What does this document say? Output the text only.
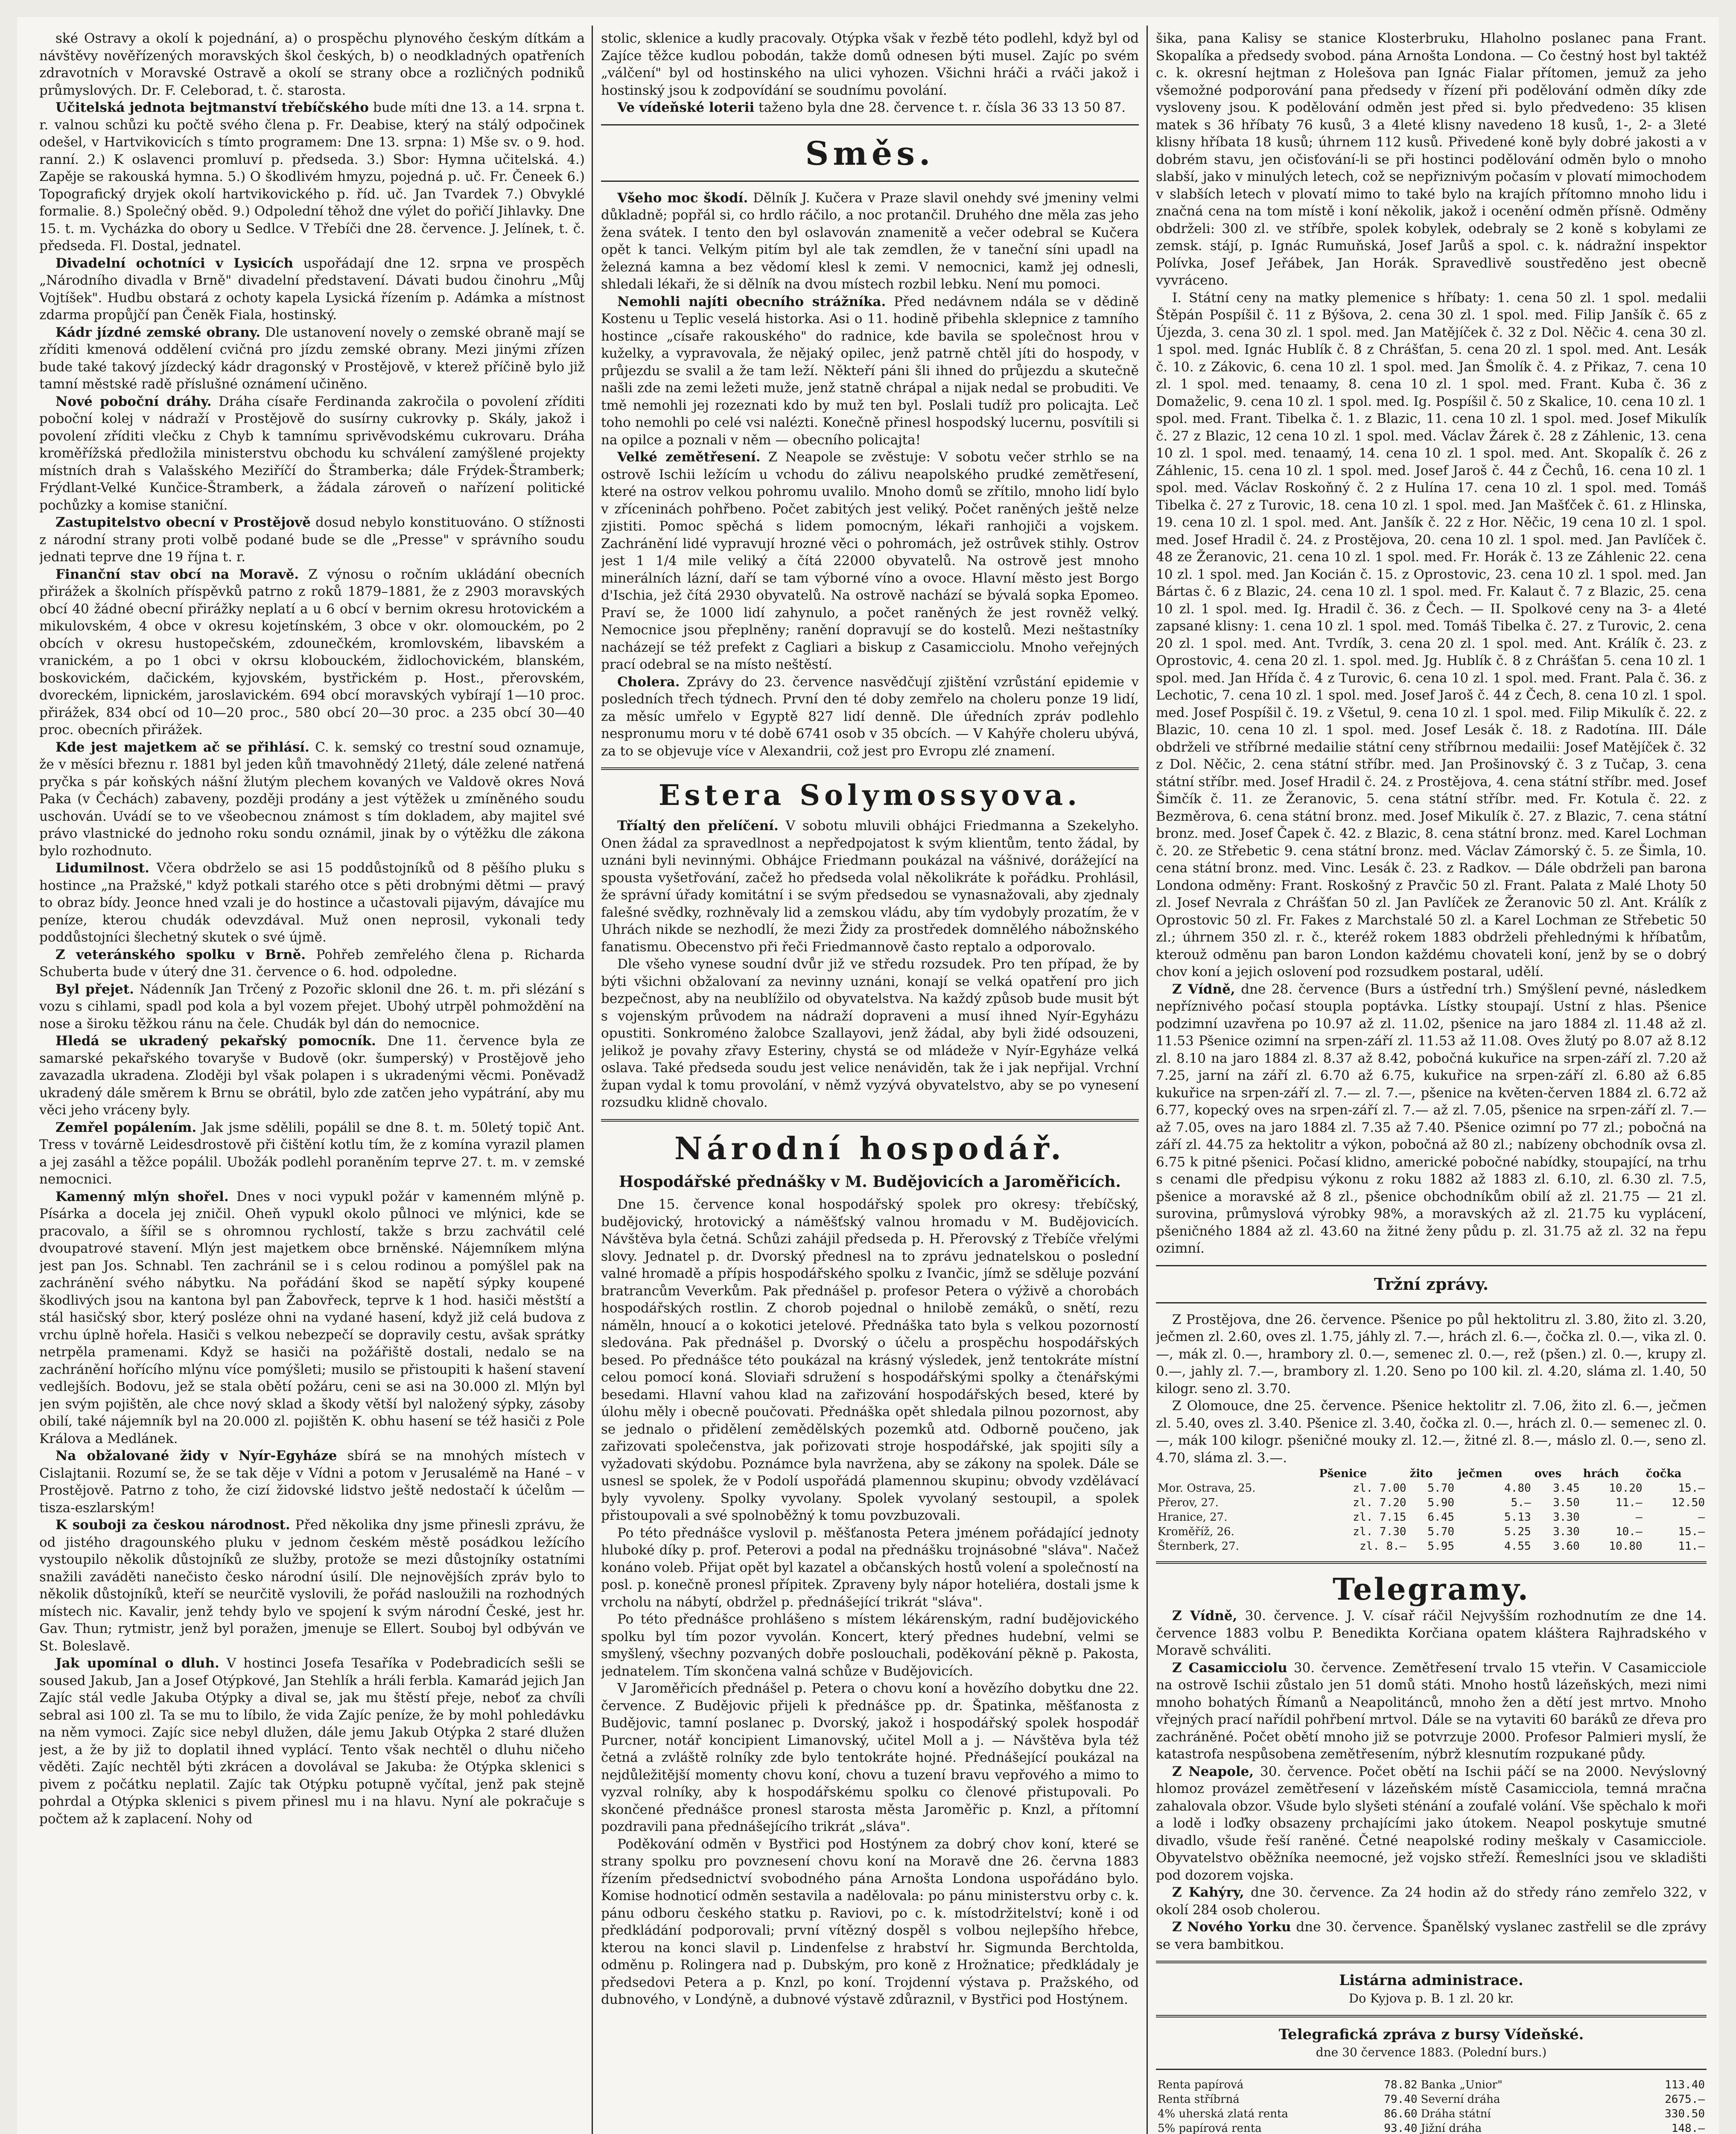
ské Ostravy a okolí k pojednání, a) o prospěchu plynového českým dítkám a návštěvy nověřízených moravských škol českých, b) o neodkladných opatřeních zdravotních v Moravské Ostravě a okolí se strany obce a rozličných podniků průmyslových. Dr. F. Celeborad, t. č. starosta.

Učitelská jednota bejtmanství třebíčského bude míti dne 13. a 14. srpna t. r. valnou schůzi ku počtě svého člena p. Fr. Deabise, který na stálý odpočinek odešel, v Hartvikovicích s tímto programem: Dne 13. srpna: 1) Mše sv. o 9. hod. ranní. 2.) K oslavenci promluví p. předseda. 3.) Sbor: Hymna učitelská. 4.) Zapěje se rakouská hymna. 5.) O škodlivém hmyzu, pojedná p. uč. Fr. Čeneek 6.) Topografický dryjek okolí hartvikovického p. říd. uč. Jan Tvardek 7.) Obvyklé formalie. 8.) Společný oběd. 9.) Odpolední těhož dne výlet do pořičí Jihlavky. Dne 15. t. m. Vycházka do obory u Sedlce. V Třebíči dne 28. července. J. Jelínek, t. č. předseda. Fl. Dostal, jednatel.

Divadelní ochotníci v Lysicích uspořádají dne 12. srpna ve prospěch „Národního divadla v Brně" divadelní představení. Dávati budou činohru „Můj Vojtíšek". Hudbu obstará z ochoty kapela Lysická řízením p. Adámka a místnost zdarma propůjčí pan Čeněk Fiala, hostinský.

Kádr jízdné zemské obrany. Dle ustanovení novely o zemské obraně mají se zříditi kmenová oddělení cvičná pro jízdu zemské obrany. Mezi jinými zřízen bude také takový jízdecký kádr dragonský v Prostějově, v kterež příčině bylo již tamní městské radě příslušné oznámení učiněno.

Nové poboční dráhy. Dráha císaře Ferdinanda zakročila o povolení zříditi poboční kolej v nádraží v Prostějově do susírny cukrovky p. Skály, jakož i povolení zříditi vlečku z Chyb k tamnímu sprivěvodskému cukrovaru. Dráha kroměřížská předložila ministerstvu obchodu ku schválení zamýšlené projekty místních drah s Valašského Meziříčí do Štramberka; dále Frýdek-Štramberk; Frýdlant-Velké Kunčice-Štramberk, a žádala zároveň o nařízení politické pochůzky a komise staniční.

Zastupitelstvo obecní v Prostějově dosud nebylo konstituováno. O stížnosti z národní strany proti volbě podané bude se dle „Presse" v správního soudu jednati teprve dne 19 října t. r.

Finanční stav obcí na Moravě. Z výnosu o ročním ukládání obecních přirážek a školních příspěvků patrno z roků 1879–1881, že z 2903 moravských obcí 40 žádné obecní přirážky neplatí a u 6 obcí v bernim okresu hrotovickém a mikulovském, 4 obce v okresu kojetínském, 3 obce v okr. olomouckém, po 2 obcích v okresu hustopečském, zdounečkém, kromlovském, libavském a vranickém, a po 1 obci v okrsu klobouckém, židlochovickém, blanském, boskovickém, dačickém, kyjovském, bystřickém p. Host., přerovském, dvoreckém, lipnickém, jaroslavickém. 694 obcí moravských vybírají 1—10 proc. přirážek, 834 obcí od 10—20 proc., 580 obcí 20—30 proc. a 235 obcí 30—40 proc. obecních přirážek.

Kde jest majetkem ač se přihlásí. C. k. semský co trestní soud oznamuje, že v měsíci březnu r. 1881 byl jeden kůň tmavohnědý 21letý, dále zelené natřená pryčka s pár koňských nášní žlutým plechem kovaných ve Valdově okres Nová Paka (v Čechách) zabaveny, později prodány a jest výtěžek u zmíněného soudu uschován. Uvádí se to ve všeobecnou známost s tím dokladem, aby majitel své právo vlastnické do jednoho roku sondu oznámil, jinak by o výtěžku dle zákona bylo rozhodnuto.

Lidumilnost. Včera obdrželo se asi 15 poddůstojníků od 8 pěšího pluku s hostince „na Pražské," když potkali starého otce s pěti drobnými dětmi — pravý to obraz bídy. Jeonce hned vzali je do hostince a učastovali pijavým, dávajíce mu peníze, kterou chudák odevzdával. Muž onen neprosil, vykonali tedy poddůstojníci šlechetný skutek o své újmě.

Z veteránského spolku v Brně. Pohřeb zemřelého člena p. Richarda Schuberta bude v úterý dne 31. července o 6. hod. odpoledne.

Byl přejet. Nádenník Jan Trčený z Pozořic sklonil dne 26. t. m. při slézání s vozu s cihlami, spadl pod kola a byl vozem přejet. Ubohý utrpěl pohmoždění na nose a široku těžkou ránu na čele. Chudák byl dán do nemocnice.

Hledá se ukradený pekařský pomocník. Dne 11. července byla ze samarské pekařského tovaryše v Budově (okr. šumperský) v Prostějově jeho zavazadla ukradena. Zloději byl však polapen i s ukradenými věcmi. Poněvadž ukradený dále směrem k Brnu se obrátil, bylo zde zatčen jeho vypátrání, aby mu věci jeho vráceny byly.

Zemřel popálením. Jak jsme sdělili, popálil se dne 8. t. m. 50letý topič Ant. Tress v továrně Leidesdrostově při čištění kotlu tím, že z komína vyrazil plamen a jej zasáhl a těžce popálil. Ubožák podlehl poraněním teprve 27. t. m. v zemské nemocnici.

Kamenný mlýn shořel. Dnes v noci vypukl požár v kamenném mlýně p. Písárka a docela jej zničil. Oheň vypukl okolo půlnoci ve mlýnici, kde se pracovalo, a šířil se s ohromnou rychlostí, takže s brzu zachvátil celé dvoupatrové stavení. Mlýn jest majetkem obce brněnské. Nájemníkem mlýna jest pan Jos. Schnabl. Ten zachránil se i s celou rodinou a pomýšlel pak na zachránění svého nábytku. Na pořádání škod se napětí sýpky koupené škodlivých jsou na kantona byl pan Žabovřeck, teprve k 1 hod. hasiči městští a stál hasičský sbor, který posléze ohni na vydané hasení, když již celá budova z vrchu úplně hořela. Hasiči s velkou nebezpečí se dopravily cestu, avšak sprátky netrpěla pramenami. Když se hasiči na požářiště dostali, nedalo se na zachránění hořícího mlýnu více pomýšleti; musilo se přistoupiti k hašení stavení vedlejších. Bodovu, jež se stala obětí požáru, ceni se asi na 30.000 zl. Mlýn byl jen svým pojištěn, ale chce nový sklad a škody větší byl naložený sýpky, zásoby obilí, také nájemník byl na 20.000 zl. pojištěn K. obhu hasení se též hasiči z Pole Králova a Medlánek.

Na obžalované židy v Nyír-Egyháze sbírá se na mnohých místech v Cislajtanii. Rozumí se, že se tak děje v Vídni a potom v Jerusalémě na Hané – v Prostějově. Patrno z toho, že cizí židovské lidstvo ještě nedostačí k účelům — tisza-eszlarským!

K souboji za českou národnost. Před několika dny jsme přinesli zprávu, že od jistého dragounského pluku v jednom českém městě posádkou ležícího vystoupilo několik důstojníků ze služby, protože se mezi důstojníky ostatními snažili zaváděti nanečisto česko národní úsilí. Dle nejnovějších zpráv bylo to několik důstojníků, kteří se neurčitě vyslovili, že pořád nasloužili na rozhodných místech nic. Kavalir, jenž tehdy bylo ve spojení k svým národní České, jest hr. Gav. Thun; rytmistr, jenž byl poražen, jmenuje se Ellert. Souboj byl odbýván ve St. Boleslavě.

Jak upomínal o dluh. V hostinci Josefa Tesaříka v Podebradicích sešli se soused Jakub, Jan a Josef Otýpkové, Jan Stehlík a hráli ferbla. Kamarád jejich Jan Zajíc stál vedle Jakuba Otýpky a dival se, jak mu štěstí přeje, neboť za chvíli sebral asi 100 zl. Ta se mu to líbilo, že vida Zajíc peníze, že by mohl pohledávku na něm vymoci. Zajíc sice nebyl dlužen, dále jemu Jakub Otýpka 2 staré dlužen jest, a že by již to doplatil ihned vyplácí. Tento však nechtěl o dluhu ničeho věděti. Zajíc nechtěl býti zkrácen a dovolával se Jakuba: že Otýpka sklenici s pivem z počátku neplatil. Zajíc tak Otýpku potupně vyčítal, jenž pak stejně pohrdal a Otýpka sklenici s pivem přinesl mu i na hlavu. Nyní ale pokračuje s počtem až k zaplacení. Nohy od

stolic, sklenice a kudly pracovaly. Otýpka však v řezbě této podlehl, když byl od Zajíce těžce kudlou pobodán, takže domů odnesen býti musel. Zajíc po svém „válčení" byl od hostinského na ulici vyhozen. Všichni hráči a rváči jakož i hostinský jsou k zodpovídání se soudnímu povolání.

Ve vídeňské loterii taženo byla dne 28. července t. r. čísla 36 33 13 50 87.

Směs.

Všeho moc škodí. Dělník J. Kučera v Praze slavil onehdy své jmeniny velmi důkladně; popřál si, co hrdlo ráčilo, a noc protančil. Druhého dne měla zas jeho žena svátek. I tento den byl oslavován znamenitě a večer odebral se Kučera opět k tanci. Velkým pitím byl ale tak zemdlen, že v taneční síni upadl na železná kamna a bez vědomí klesl k zemi. V nemocnici, kamž jej odnesli, shledali lékaři, že si dělník na dvou místech rozbil lebku. Není mu pomoci.

Nemohli najíti obecního strážníka. Před nedávnem ndála se v dědině Kostenu u Teplic veselá historka. Asi o 11. hodině přibehla sklepnice z tamního hostince „císaře rakouského" do radnice, kde bavila se společnost hrou v kuželky, a vypravovala, že nějaký opilec, jenž patrně chtěl jíti do hospody, v průjezdu se svalil a že tam leží. Někteří páni šli ihned do průjezdu a skutečně našli zde na zemi ležeti muže, jenž statně chrápal a nijak nedal se probuditi. Ve tmě nemohli jej rozeznati kdo by muž ten byl. Poslali tudíž pro policajta. Leč toho nemohli po celé vsi nalézti. Konečně přinesl hospodský lucernu, posvítili si na opilce a poznali v něm — obecního policajta!

Velké zemětřesení. Z Neapole se zvěstuje: V sobotu večer strhlo se na ostrově Ischii ležícím u vchodu do zálivu neapolského prudké zemětřesení, které na ostrov velkou pohromu uvalilo. Mnoho domů se zřítilo, mnoho lidí bylo v zříceninách pohřbeno. Počet zabitých jest veliký. Počet raněných ještě nelze zjistiti. Pomoc spěchá s lidem pomocným, lékaři ranhojiči a vojskem. Zachránění lidé vypravují hrozné věci o pohromách, jež ostrůvek stihly. Ostrov jest 1 1/4 mile veliký a čítá 22000 obyvatelů. Na ostrově jest mnoho minerálních lázní, daří se tam výborné víno a ovoce. Hlavní město jest Borgo d'Ischia, jež čítá 2930 obyvatelů. Na ostrově nachází se bývalá sopka Epomeo. Praví se, že 1000 lidí zahynulo, a počet raněných že jest rovněž velký. Nemocnice jsou přeplněny; ranění dopravují se do kostelů. Mezi neštastníky nacházejí se též prefekt z Cagliari a biskup z Casamicciolu. Mnoho veřejných prací odebral se na místo neštěstí.

Cholera. Zprávy do 23. července nasvědčují zjištění vzrůstání epidemie v posledních třech týdnech. První den té doby zemřelo na choleru ponze 19 lidí, za měsíc umřelo v Egyptě 827 lidí denně. Dle úředních zpráv podlehlo nespronumu moru v té době 6741 osob v 35 obcích. — V Kahýře choleru ubývá, za to se objevuje více v Alexandrii, což jest pro Evropu zlé znamení.

Estera Solymossyova.

Tříaltý den přelíčení. V sobotu mluvili obhájci Friedmanna a Szekelyho. Onen žádal za spravedlnost a nepředpojatost k svým klientům, tento žádal, by uznáni byli nevinnými. Obhájce Friedmann poukázal na vášnivé, dorážející na spousta vyšetřování, začež ho předseda volal několikráte k pořádku. Prohlásil, že správní úřady komitátní i se svým předsedou se vynasnažovali, aby zjednaly falešné svědky, rozhněvaly lid a zemskou vládu, aby tím vydobyly prozatím, že v Uhrách nikde se nezhodlí, že mezi Židy za prostředek domnělého nábožnského fanatismu. Obecenstvo při řeči Friedmannově často reptalo a odporovalo.

Dle všeho vynese soudní dvůr již ve středu rozsudek. Pro ten případ, že by býti všichni obžalovaní za nevinny uznáni, konají se velká opatření pro jich bezpečnost, aby na neublížilo od obyvatelstva. Na každý způsob bude musit být s vojenským průvodem na nádraží dopraveni a musí ihned Nyír-Egyházu opustiti. Sonkroméno žalobce Szallayovi, jenž žádal, aby byli židé odsouzeni, jelikož je povahy zřavy Esteriny, chystá se od mládeže v Nyír-Egyháze velká oslava. Také předseda soudu jest velice nenáviděn, tak že i jak nepřijal. Vrchní župan vydal k tomu provolání, v němž vyzývá obyvatelstvo, aby se po vynesení rozsudku klidně chovalo.

Národní hospodář.
Hospodářské přednášky v M. Budějovicích a Jaroměřicích.

Dne 15. července konal hospodářský spolek pro okresy: třebíčský, budějovický, hrotovický a náměšťský valnou hromadu v M. Budějovicích. Návštěva byla četná. Schůzi zahájil předseda p. H. Přerovský z Třebíče vřelými slovy. Jednatel p. dr. Dvorský přednesl na to zprávu jednatelskou o poslední valné hromadě a přípis hospodářského spolku z Ivančic, jímž se sděluje pozvání bratrancům Veverkům. Pak přednášel p. profesor Petera o výživě a chorobách hospodářských rostlin. Z chorob pojednal o hnilobě zemáků, o snětí, rezu náměln, hnoucí a o kokotici jetelové. Přednáška tato byla s velkou pozorností sledována. Pak přednášel p. Dvorský o účelu a prospěchu hospodářských besed. Po přednášce této poukázal na krásný výsledek, jenž tentokráte místní celou pomocí koná. Sloviaři sdružení s hospodářskými spolky a čtenářskými besedami. Hlavní vahou klad na zařizování hospodářských besed, které by úlohu měly i obecně poučovati. Přednáška opět shledala pilnou pozornost, aby se jednalo o přidělení zemědělských pozemků atd. Odborně poučeno, jak zařizovati společenstva, jak pořizovati stroje hospodářské, jak spojiti síly a vyžadovati skýdobu. Poznámce byla navržena, aby se zákony na spolek. Dále se usnesl se spolek, že v Podolí uspořádá plamennou skupinu; obvody vzdělávací byly vyvoleny. Spolky vyvolany. Spolek vyvolaný sestoupil, a spolek přistoupovali a své spolnoběžný k tomu povzbuzovali.

Po této přednášce vyslovil p. měšťanosta Petera jménem pořádající jednoty hluboké díky p. prof. Peterovi a podal na přednášku trojnásobné "sláva". Načež konáno voleb. Přijat opět byl kazatel a občanských hostů volení a společností na posl. p. konečně pronesl přípitek. Zpraveny byly nápor hoteliéra, dostali jsme k vrcholu na nábytí, obdržel p. přednášející trikrát "sláva".

Po této přednášce prohlášeno s místem lékárenským, radní budějovického spolku byl tím pozor vyvolán. Koncert, který přednes hudební, velmi se smyšlený, všechny pozvaných dobře poslouchali, poděkování pěkně p. Pakosta, jednatelem. Tím skončena valná schůze v Budějovicích.

V Jaroměřicích přednášel p. Petera o chovu koní a hovězího dobytku dne 22. července. Z Budějovic přijeli k přednášce pp. dr. Špatinka, měšťanosta z Budějovic, tamní poslanec p. Dvorský, jakož i hospodářský spolek hospodář Purcner, notář koncipient Limanovský, učitel Moll a j. — Návštěva byla též četná a zvláště rolníky zde bylo tentokráte hojné. Přednášející poukázal na nejdůležitější momenty chovu koní, chovu a tuzení bravu vepřového a mimo to vyzval rolníky, aby k hospodářskému spolku co členové přistupovali. Po skončené přednášce pronesl starosta města Jaroměřic p. Knzl, a přítomní pozdravili pana přednášejícího trikrát „sláva".

Poděkování odměn v Bystřici pod Hostýnem za dobrý chov koní, které se strany spolku pro povznesení chovu koní na Moravě dne 26. června 1883 řízením předsednictví svobodného pána Arnošta Londona uspořádáno bylo. Komise hodnoticí odměn sestavila a nadělovala: po pánu ministerstvu orby c. k. pánu odboru českého statku p. Raviovi, po c. k. místodržitelství; koně i od předkládání podporovali; první vítězný dospěl s volbou nejlepšího hřebce, kterou na konci slavil p. Lindenfelse z hrabství hr. Sigmunda Berchtolda, odměnu p. Rolingera nad p. Dubským, pro koně z Hrožnatice; předkládaly je předsedovi Petera a p. Knzl, po koní. Trojdenní výstava p. Pražského, od dubnového, v Londýně, a dubnové výstavě zdůraznil, v Bystřici pod Hostýnem.

šika, pana Kalisy se stanice Klosterbruku, Hlaholno poslanec pana Frant. Skopalíka a předsedy svobod. pána Arnošta Londona. — Co čestný host byl taktéž c. k. okresní hejtman z Holešova pan Ignác Fialar přítomen, jemuž za jeho všemožné podporování pana předsedy v řízení při podělování odměn díky zde vysloveny jsou. K podělování odměn jest před si. bylo předvedeno: 35 klisen matek s 36 hříbaty 76 kusů, 3 a 4leté klisny navedeno 18 kusů, 1-, 2- a 3leté klisny hříbata 18 kusů; úhrnem 112 kusů. Přivedené koně byly dobré jakosti a v dobrém stavu, jen očisťování-li se při hostinci podělování odměn bylo o mnoho slabší, jako v minulých letech, což se nepřiznivým počasím v plovatí mimochodem v slabších letech v plovatí mimo to také bylo na krajích přítomno mnoho lidu i značná cena na tom místě i koní několik, jakož i ocenění odměn přísně. Odměny obdrželi: 300 zl. ve stříbře, spolek kobylek, odebraly se 2 koně s kobylami ze zemsk. stájí, p. Ignác Rumuňská, Josef Jarůš a spol. c. k. nádražní inspektor Polívka, Josef Jeřábek, Jan Horák. Spravedlivě soustředěno jest obecně vyvráceno.

I. Státní ceny na matky plemenice s hříbaty: 1. cena 50 zl. 1 spol. medalii Štěpán Pospíšil č. 11 z Býšova, 2. cena 30 zl. 1 spol. med. Filip Janšík č. 65 z Újezda, 3. cena 30 zl. 1 spol. med. Jan Matějíček č. 32 z Dol. Něčic 4. cena 30 zl. 1 spol. med. Ignác Hublík č. 8 z Chrášťan, 5. cena 20 zl. 1 spol. med. Ant. Lesák č. 10. z Zákovic, 6. cena 10 zl. 1 spol. med. Jan Šmolík č. 4. z Přikaz, 7. cena 10 zl. 1 spol. med. tenaamy, 8. cena 10 zl. 1 spol. med. Frant. Kuba č. 36 z Domaželic, 9. cena 10 zl. 1 spol. med. Ig. Pospíšil č. 50 z Skalice, 10. cena 10 zl. 1 spol. med. Frant. Tibelka č. 1. z Blazic, 11. cena 10 zl. 1 spol. med. Josef Mikulík č. 27 z Blazic, 12 cena 10 zl. 1 spol. med. Václav Žárek č. 28 z Záhlenic, 13. cena 10 zl. 1 spol. med. tenaamý, 14. cena 10 zl. 1 spol. med. Ant. Skopalík č. 26 z Záhlenic, 15. cena 10 zl. 1 spol. med. Josef Jaroš č. 44 z Čechů, 16. cena 10 zl. 1 spol. med. Václav Roskoňný č. 2 z Hulína 17. cena 10 zl. 1 spol. med. Tomáš Tibelka č. 27 z Turovic, 18. cena 10 zl. 1 spol. med. Jan Mašťček č. 61. z Hlinska, 19. cena 10 zl. 1 spol. med. Ant. Janšík č. 22 z Hor. Něčic, 19 cena 10 zl. 1 spol. med. Josef Hradil č. 24. z Prostějova, 20. cena 10 zl. 1 spol. med. Jan Pavlíček č. 48 ze Žeranovic, 21. cena 10 zl. 1 spol. med. Fr. Horák č. 13 ze Záhlenic 22. cena 10 zl. 1 spol. med. Jan Kocián č. 15. z Oprostovic, 23. cena 10 zl. 1 spol. med. Jan Bártas č. 6 z Blazic, 24. cena 10 zl. 1 spol. med. Fr. Kalaut č. 7 z Blazic, 25. cena 10 zl. 1 spol. med. Ig. Hradil č. 36. z Čech. — II. Spolkové ceny na 3- a 4leté zapsané klisny: 1. cena 10 zl. 1 spol. med. Tomáš Tibelka č. 27. z Turovic, 2. cena 20 zl. 1 spol. med. Ant. Tvrdík, 3. cena 20 zl. 1 spol. med. Ant. Králík č. 23. z Oprostovic, 4. cena 20 zl. 1. spol. med. Jg. Hublík č. 8 z Chrášťan 5. cena 10 zl. 1 spol. med. Jan Hřída č. 4 z Turovic, 6. cena 10 zl. 1 spol. med. Frant. Pala č. 36. z Lechotic, 7. cena 10 zl. 1 spol. med. Josef Jaroš č. 44 z Čech, 8. cena 10 zl. 1 spol. med. Josef Pospíšil č. 19. z Všetul, 9. cena 10 zl. 1 spol. med. Filip Mikulík č. 22. z Blazic, 10. cena 10 zl. 1 spol. med. Josef Lesák č. 18. z Radotína. III. Dále obdrželi ve stříbrné medailie státní ceny stříbrnou medailii: Josef Matějíček č. 32 z Dol. Něčic, 2. cena státní stříbr. med. Jan Prošinovský č. 3 z Tučap, 3. cena státní stříbr. med. Josef Hradil č. 24. z Prostějova, 4. cena státní stříbr. med. Josef Šimčík č. 11. ze Žeranovic, 5. cena státní stříbr. med. Fr. Kotula č. 22. z Bezměrova, 6. cena státní bronz. med. Josef Mikulík č. 27. z Blazic, 7. cena státní bronz. med. Josef Čapek č. 42. z Blazic, 8. cena státní bronz. med. Karel Lochman č. 20. ze Střebetic 9. cena státní bronz. med. Václav Zámorský č. 5. ze Šimla, 10. cena státní bronz. med. Vinc. Lesák č. 23. z Radkov. — Dále obdrželi pan barona Londona odměny: Frant. Roskošný z Pravčic 50 zl. Frant. Palata z Malé Lhoty 50 zl. Josef Nevrala z Chrášťan 50 zl. Jan Pavlíček ze Žeranovic 50 zl. Ant. Králík z Oprostovic 50 zl. Fr. Fakes z Marchstalé 50 zl. a Karel Lochman ze Střebetic 50 zl.; úhrnem 350 zl. r. č., kteréž rokem 1883 obdrželi přehlednými k hříbatům, kterouž odměnu pan baron London každému chovateli koní, jenž by se o dobrý chov koní a jejich oslovení pod rozsudkem postaral, udělí.

Z Vídně, dne 28. července (Burs a ústřední trh.) Smýšlení pevné, následkem nepříznivého počasí stoupla poptávka. Lístky stoupají. Ustní z hlas. Pšenice podzimní uzavřena po 10.97 až zl. 11.02, pšenice na jaro 1884 zl. 11.48 až zl. 11.53 Pšenice ozimní na srpen-září zl. 11.53 až 11.08. Oves žlutý po 8.07 až 8.12 zl. 8.10 na jaro 1884 zl. 8.37 až 8.42, pobočná kukuřice na srpen-září zl. 7.20 až 7.25, jarní na září zl. 6.70 až 6.75, kukuřice na srpen-září zl. 6.80 až 6.85 kukuřice na srpen-září zl. 7.— zl. 7.—, pšenice na květen-červen 1884 zl. 6.72 až 6.77, kopecký oves na srpen-září zl. 7.— až zl. 7.05, pšenice na srpen-září zl. 7.— až 7.05, oves na jaro 1884 zl. 7.35 až 7.40. Pšenice ozimní po 77 zl.; pobočná na září zl. 44.75 za hektolitr a výkon, pobočná až 80 zl.; nabízeny obchodník ovsa zl. 6.75 k pitné pšenici. Počasí klidno, americké pobočné nabídky, stoupající, na trhu s cenami dle předpisu výkonu z roku 1882 až 1883 zl. 6.10, zl. 6.30 zl. 7.5, pšenice a moravské až 8 zl., pšenice obchodníkům obilí až zl. 21.75 — 21 zl. surovina, průmyslová výrobky 98%, a moravských až zl. 21.75 ku vyplácení, pšeničného 1884 až zl. 43.60 na žitné ženy půdu p. zl. 31.75 až zl. 32 na řepu ozimní.

Tržní zprávy.

Z Prostějova, dne 26. července. Pšenice po půl hektolitru zl. 3.80, žito zl. 3.20, ječmen zl. 2.60, oves zl. 1.75, jáhly zl. 7.—, hrách zl. 6.—, čočka zl. 0.—, vika zl. 0.—, mák zl. 0.—, hrambory zl. 0.—, semenec zl. 0.—, rež (pšen.) zl. 0.—, krupy zl. 0.—, jahly zl. 7.—, brambory zl. 1.20. Seno po 100 kil. zl. 4.20, sláma zl. 1.40, 50 kilogr. seno zl. 3.70.

Z Olomouce, dne 25. července. Pšenice hektolitr zl. 7.06, žito zl. 6.—, ječmen zl. 5.40, oves zl. 3.40. Pšenice zl. 3.40, čočka zl. 0.—, hrách zl. 0.— semenec zl. 0.—, mák 100 kilogr. pšeničné mouky zl. 12.—, žitné zl. 8.—, máslo zl. 0.—, seno zl. 4.70, sláma zl. 3.—.

	Pšenice	žito	ječmen	oves	hrách	čočka
Mor. Ostrava, 25.	zl. 7.00	5.70	4.80	3.45	10.20	15.—
Přerov, 27.	zl. 7.20	5.90	5.—	3.50	11.—	12.50
Hranice, 27.	zl. 7.15	6.45	5.13	3.30	—	—
Kroměříž, 26.	zl. 7.30	5.70	5.25	3.30	10.—	15.—
Šternberk, 27.	zl. 8.—	5.95	4.55	3.60	10.80	11.—
Telegramy.

Z Vídně, 30. července. J. V. císař ráčil Nejvyšším rozhodnutím ze dne 14. července 1883 volbu P. Benedikta Korčiana opatem kláštera Rajhradského v Moravě schváliti.

Z Casamicciolu 30. července. Zemětřesení trvalo 15 vteřin. V Casamicciole na ostrově Ischii zůstalo jen 51 domů státi. Mnoho hostů lázeňských, mezi nimi mnoho bohatých Římanů a Neapolitánců, mnoho žen a dětí jest mrtvo. Mnoho vřejných prací nařídil pohřbení mrtvol. Dále se na vytaviti 60 baráků ze dřeva pro zachráněné. Počet obětí mnoho již se potvrzuje 2000. Profesor Palmieri myslí, že katastrofa nespůsobena zemětřesením, nýbrž klesnutím rozpukané půdy.

Z Neapole, 30. července. Počet obětí na Ischii páčí se na 2000. Nevýslovný hlomoz provázel zemětřesení v lázeňském místě Casamicciola, temná mračna zahalovala obzor. Všude bylo slyšeti sténání a zoufalé volání. Vše spěchalo k moři a lodě i loďky obsazeny prchajícími jako útokem. Neapol poskytuje smutné divadlo, všude řeší raněné. Četné neapolské rodiny meškaly v Casamicciole. Obyvatelstvo oběžníka neemocné, jež vojsko střeží. Řemeslníci jsou ve skladišti pod dozorem vojska.

Z Kahýry, dne 30. července. Za 24 hodin až do středy ráno zemřelo 322, v okolí 284 osob cholerou.

Z Nového Yorku dne 30. července. Španělský vyslanec zastřelil se dle zprávy se vera bambitkou.

Listárna administrace.
Do Kyjova p. B. 1 zl. 20 kr.
Telegrafická zpráva z bursy Vídeňské.
dne 30 července 1883. (Polední burs.)
Renta papírová	78.82	Banka „Unior"	113.40
Renta stříbrná	79.40	Severní dráha	2675.—
4% uherská zlatá renta	86.60	Dráha státní	330.50
5% papírová renta	93.40	Jižní dráha	148.—
